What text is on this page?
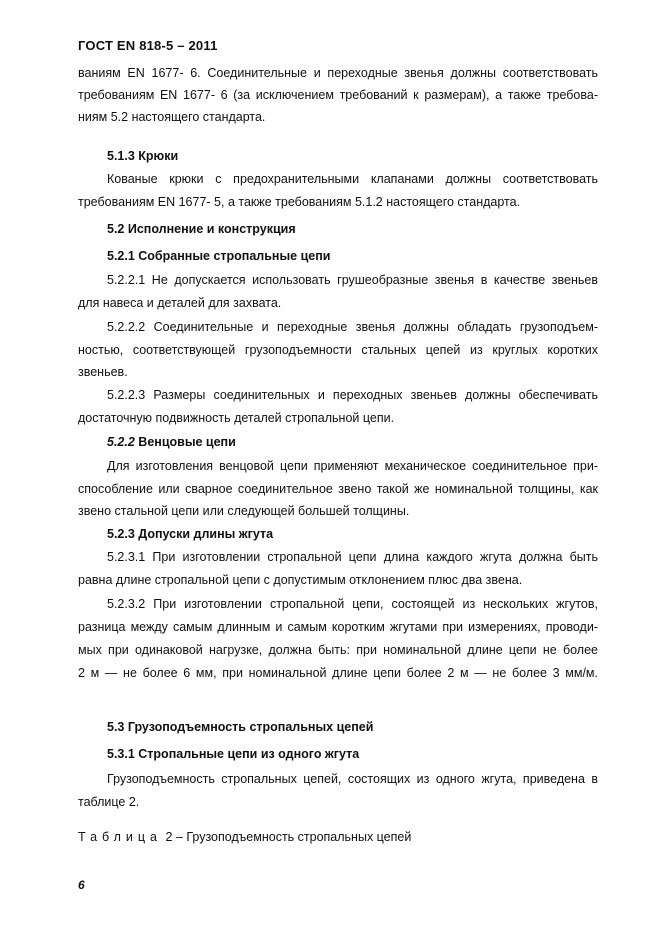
ГОСТ EN 818-5 – 2011
ваниям EN 1677- 6. Соединительные и переходные звенья должны соответствовать
требованиям EN 1677- 6 (за исключением требований к размерам), а также требова-
ниям 5.2 настоящего стандарта.
5.1.3 Крюки
Кованые крюки с предохранительными клапанами должны соответствовать
требованиям EN 1677- 5, а также требованиям 5.1.2 настоящего стандарта.
5.2 Исполнение и конструкция
5.2.1 Собранные стропальные цепи
5.2.2.1 Не допускается использовать грушеобразные звенья в качестве звеньев
для навеса и деталей для захвата.
5.2.2.2 Соединительные и переходные звенья должны обладать грузоподъем-
ностью, соответствующей грузоподъемности стальных цепей из круглых коротких
звеньев.
5.2.2.3 Размеры соединительных и переходных звеньев должны обеспечивать
достаточную подвижность деталей стропальной цепи.
5.2.2 Венцовые цепи
Для изготовления венцовой цепи применяют механическое соединительное при-
способление или сварное соединительное звено такой же номинальной толщины, как
звено стальной цепи или следующей большей толщины.
5.2.3 Допуски длины жгута
5.2.3.1 При изготовлении стропальной цепи длина каждого жгута должна быть
равна длине стропальной цепи с допустимым отклонением плюс два звена.
5.2.3.2 При изготовлении стропальной цепи, состоящей из нескольких жгутов,
разница между самым длинным и самым коротким жгутами при измерениях, проводи-
мых при одинаковой нагрузке, должна быть: при номинальной длине цепи не более
2 м — не более 6 мм, при номинальной длине цепи более 2 м — не более 3 мм/м.
5.3 Грузоподъемность стропальных цепей
5.3.1 Стропальные цепи из одного жгута
Грузоподъемность стропальных цепей, состоящих из одного жгута, приведена в
таблице 2.
Таблица 2 – Грузоподъемность стропальных цепей
6
